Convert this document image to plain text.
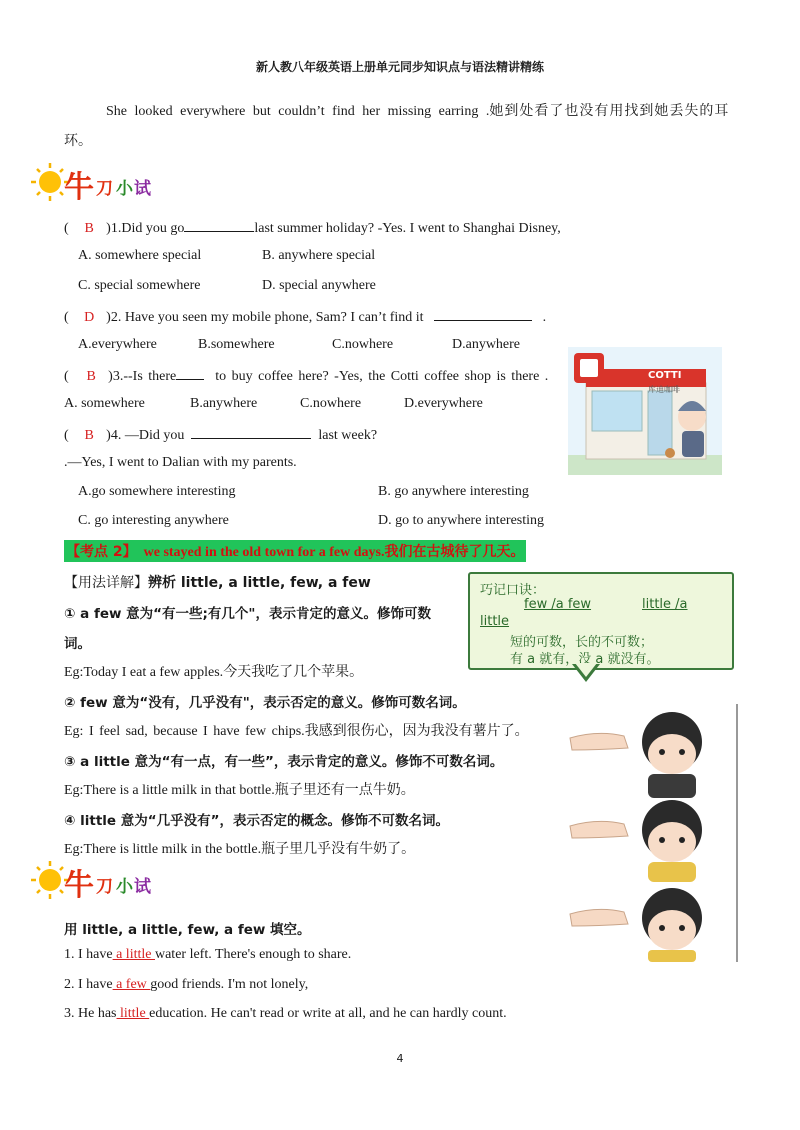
新人教八年级英语上册单元同步知识点与语法精讲精练
She looked everywhere but couldn’t find her missing earring .她到处看了也没有用找到她丢失的耳
环。
牛 刀 小 试
( B )1.Did you go	last summer holiday? -Yes. I went to Shanghai Disney,
A. somewhere special	B. anywhere special
C. special somewhere	D. special anywhere
( D )2. Have you seen my mobile phone, Sam? I can’t find it	.
A.everywhere	B.somewhere	C.nowhere	D.anywhere
( B )3.--Is there	to buy coffee here? -Yes, the Cotti coffee shop is there .
A. somewhere	B.anywhere	C.nowhere	D.everywhere
COTTI
库迪咖啡
( B )4. —Did you	last week?
.—Yes, I went to Dalian with my parents.
A.go somewhere interesting	B. go anywhere interesting
C. go interesting anywhere	D. go to anywhere interesting
【考点 2】 we stayed in the old town for a few days.我们在古城待了几天。
【用法详解】辨析 little, a little, few, a few
① a few 意为“有一些;有几个"，表示肯定的意义。修饰可数
词。
Eg:Today I eat a few apples.今天我吃了几个苹果。
② few 意为“没有，几乎没有"，表示否定的意义。修饰可数名词。
Eg: I feel sad, because I have few chips.我感到很伤心，因为我没有薯片了。
③ a little 意为“有一点，有一些”，表示肯定的意义。修饰不可数名词。
Eg:There is a little milk in that bottle.瓶子里还有一点牛奶。
④ little 意为“几乎没有”，表示否定的概念。修饰不可数名词。
Eg:There is little milk in the bottle.瓶子里几乎没有牛奶了。
巧记口诀：
few /a few	little /a
little
短的可数，长的不可数；
有 a 就有，没 a 就没有。
牛 刀 小 试
用 little, a little, few, a few 填空。
1. I have a little water left. There's enough to share.
2. I have a few good friends. I'm not lonely,
3. He has little education. He can't read or write at all, and he can hardly count.
4
